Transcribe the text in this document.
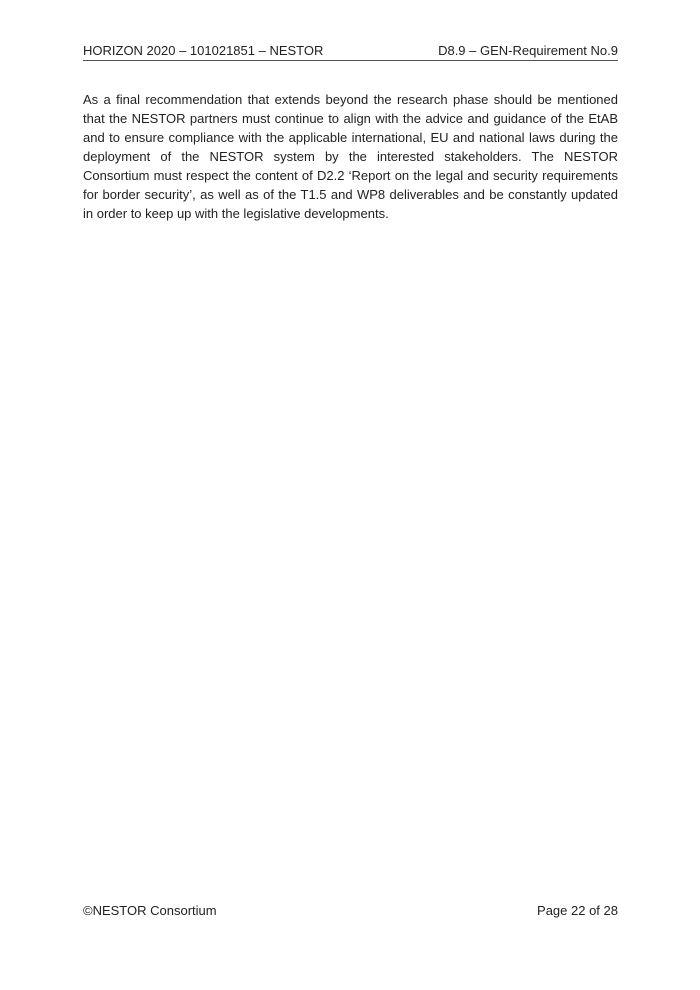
HORIZON 2020 – 101021851 – NESTOR	D8.9 – GEN-Requirement No.9

As a final recommendation that extends beyond the research phase should be mentioned that the NESTOR partners must continue to align with the advice and guidance of the EtAB and to ensure compliance with the applicable international, EU and national laws during the deployment of the NESTOR system by the interested stakeholders. The NESTOR Consortium must respect the content of D2.2 ‘Report on the legal and security requirements for border security’, as well as of the T1.5 and WP8 deliverables and be constantly updated in order to keep up with the legislative developments.

©NESTOR Consortium	Page 22 of 28
